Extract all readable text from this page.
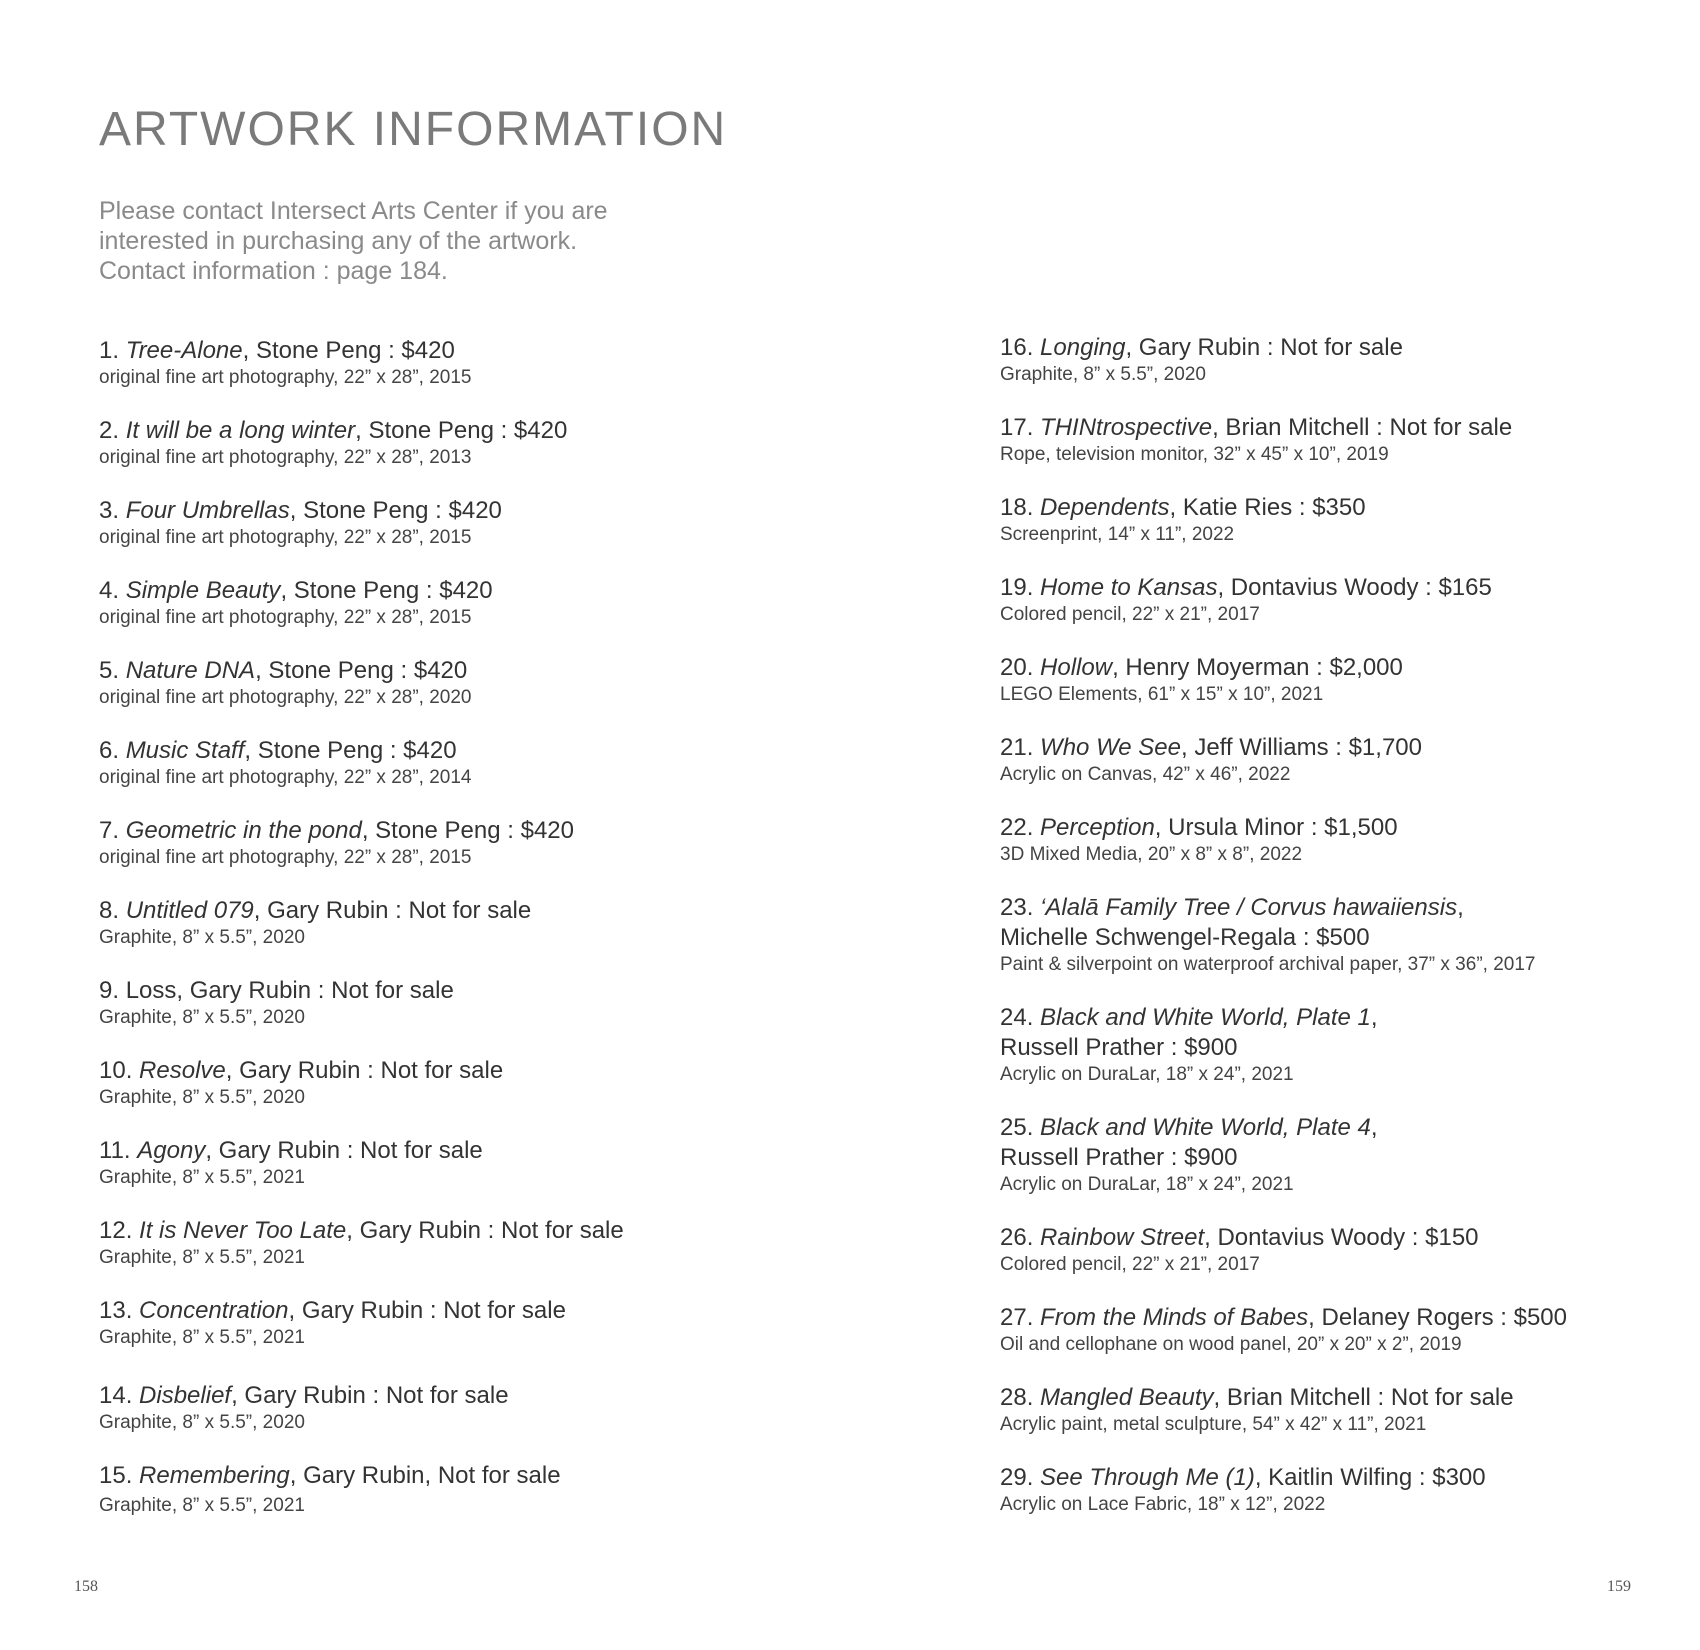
ARTWORK INFORMATION
Please contact Intersect Arts Center if you are
interested in purchasing any of the artwork.
Contact information : page 184.
1. Tree-Alone, Stone Peng : $420
original fine art photography, 22” x 28”, 2015
2. It will be a long winter, Stone Peng : $420
original fine art photography, 22” x 28”, 2013
3. Four Umbrellas, Stone Peng : $420
original fine art photography, 22” x 28”, 2015
4. Simple Beauty, Stone Peng : $420
original fine art photography, 22” x 28”, 2015
5. Nature DNA, Stone Peng : $420
original fine art photography, 22” x 28”, 2020
6. Music Staff, Stone Peng : $420
original fine art photography, 22” x 28”, 2014
7. Geometric in the pond, Stone Peng : $420
original fine art photography, 22” x 28”, 2015
8. Untitled 079, Gary Rubin : Not for sale
Graphite, 8” x 5.5”, 2020
9. Loss, Gary Rubin : Not for sale
Graphite, 8” x 5.5”, 2020
10. Resolve, Gary Rubin : Not for sale
Graphite, 8” x 5.5”, 2020
11. Agony, Gary Rubin : Not for sale
Graphite, 8” x 5.5”, 2021
12. It is Never Too Late, Gary Rubin : Not for sale
Graphite, 8” x 5.5”, 2021
13. Concentration, Gary Rubin : Not for sale
Graphite, 8” x 5.5”, 2021
14. Disbelief, Gary Rubin : Not for sale
Graphite, 8” x 5.5”, 2020
15. Remembering, Gary Rubin, Not for sale
Graphite, 8” x 5.5”, 2021
16. Longing, Gary Rubin : Not for sale
Graphite, 8” x 5.5”, 2020
17. THINtrospective, Brian Mitchell : Not for sale
Rope, television monitor, 32” x 45” x 10”, 2019
18. Dependents, Katie Ries : $350
Screenprint, 14” x 11”, 2022
19. Home to Kansas, Dontavius Woody : $165
Colored pencil, 22” x 21”, 2017
20. Hollow, Henry Moyerman : $2,000
LEGO Elements, 61” x 15” x 10”, 2021
21. Who We See, Jeff Williams : $1,700
Acrylic on Canvas, 42” x 46”, 2022
22. Perception, Ursula Minor : $1,500
3D Mixed Media, 20” x 8” x 8”, 2022
23. ‘Alalā Family Tree / Corvus hawaiiensis,
Michelle Schwengel-Regala : $500
Paint & silverpoint on waterproof archival paper, 37” x 36”, 2017
24. Black and White World, Plate 1,
Russell Prather : $900
Acrylic on DuraLar, 18” x 24”, 2021
25. Black and White World, Plate 4,
Russell Prather : $900
Acrylic on DuraLar, 18” x 24”, 2021
26. Rainbow Street, Dontavius Woody : $150
Colored pencil, 22” x 21”, 2017
27. From the Minds of Babes, Delaney Rogers : $500
Oil and cellophane on wood panel, 20” x 20” x 2”, 2019
28. Mangled Beauty, Brian Mitchell : Not for sale
Acrylic paint, metal sculpture, 54” x 42” x 11”, 2021
29. See Through Me (1), Kaitlin Wilfing : $300
Acrylic on Lace Fabric, 18” x 12”, 2022
158	159
